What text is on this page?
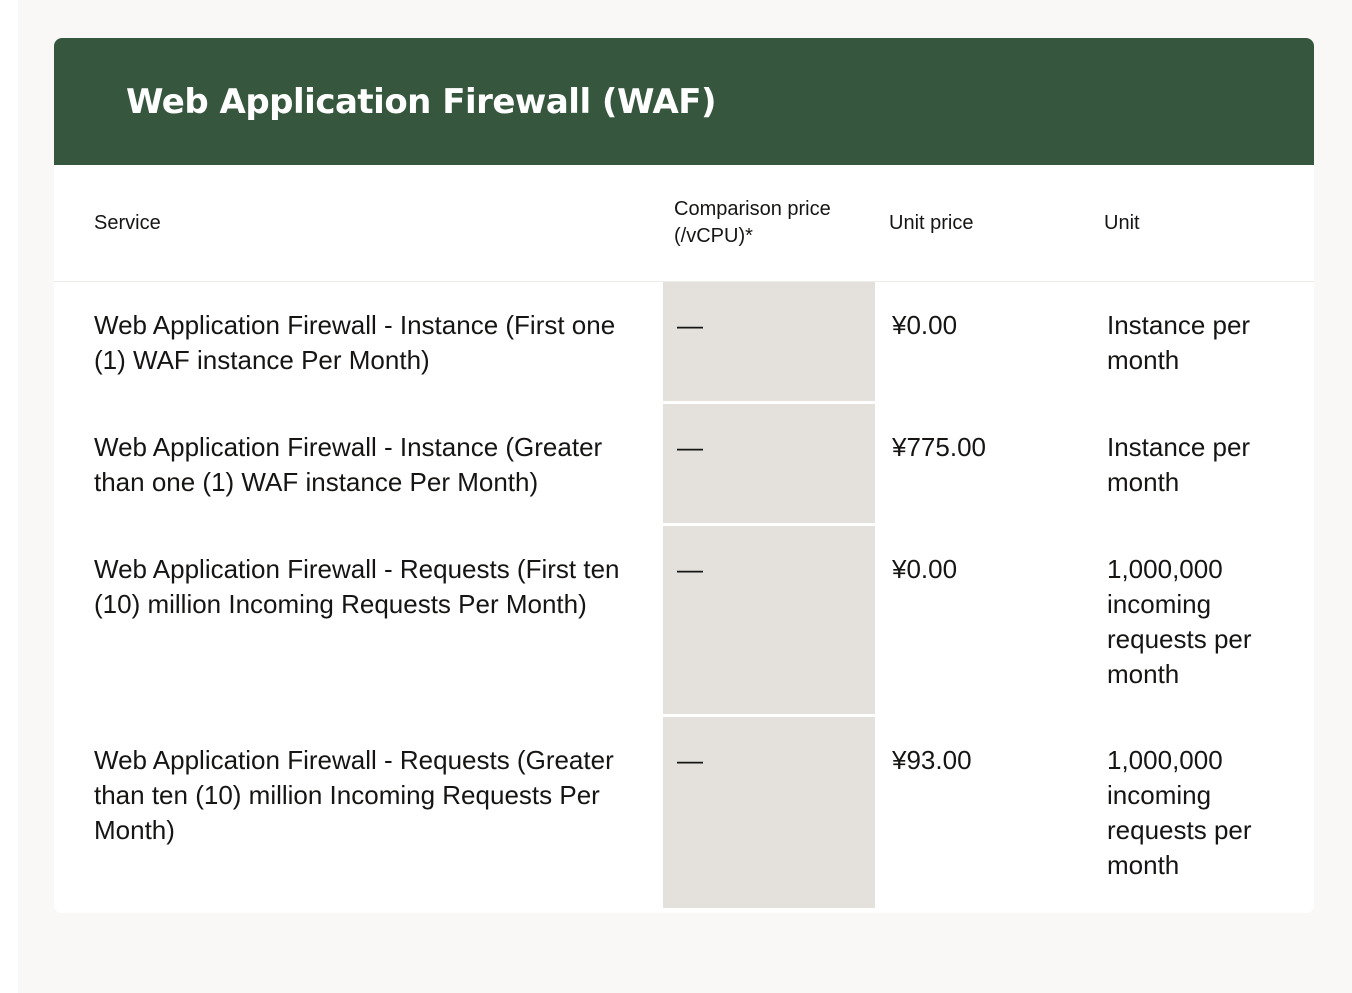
Web Application Firewall (WAF)
Service	Comparison price (/vCPU)*	Unit price	Unit
Web Application Firewall - Instance (First one (1) WAF instance Per Month)	—	¥0.00	Instance per month
Web Application Firewall - Instance (Greater than one (1) WAF instance Per Month)	—	¥775.00	Instance per month
Web Application Firewall - Requests (First ten (10) million Incoming Requests Per Month)	—	¥0.00	1,000,000 incoming requests per month
Web Application Firewall - Requests (Greater than ten (10) million Incoming Requests Per Month)	—	¥93.00	1,000,000 incoming requests per month
